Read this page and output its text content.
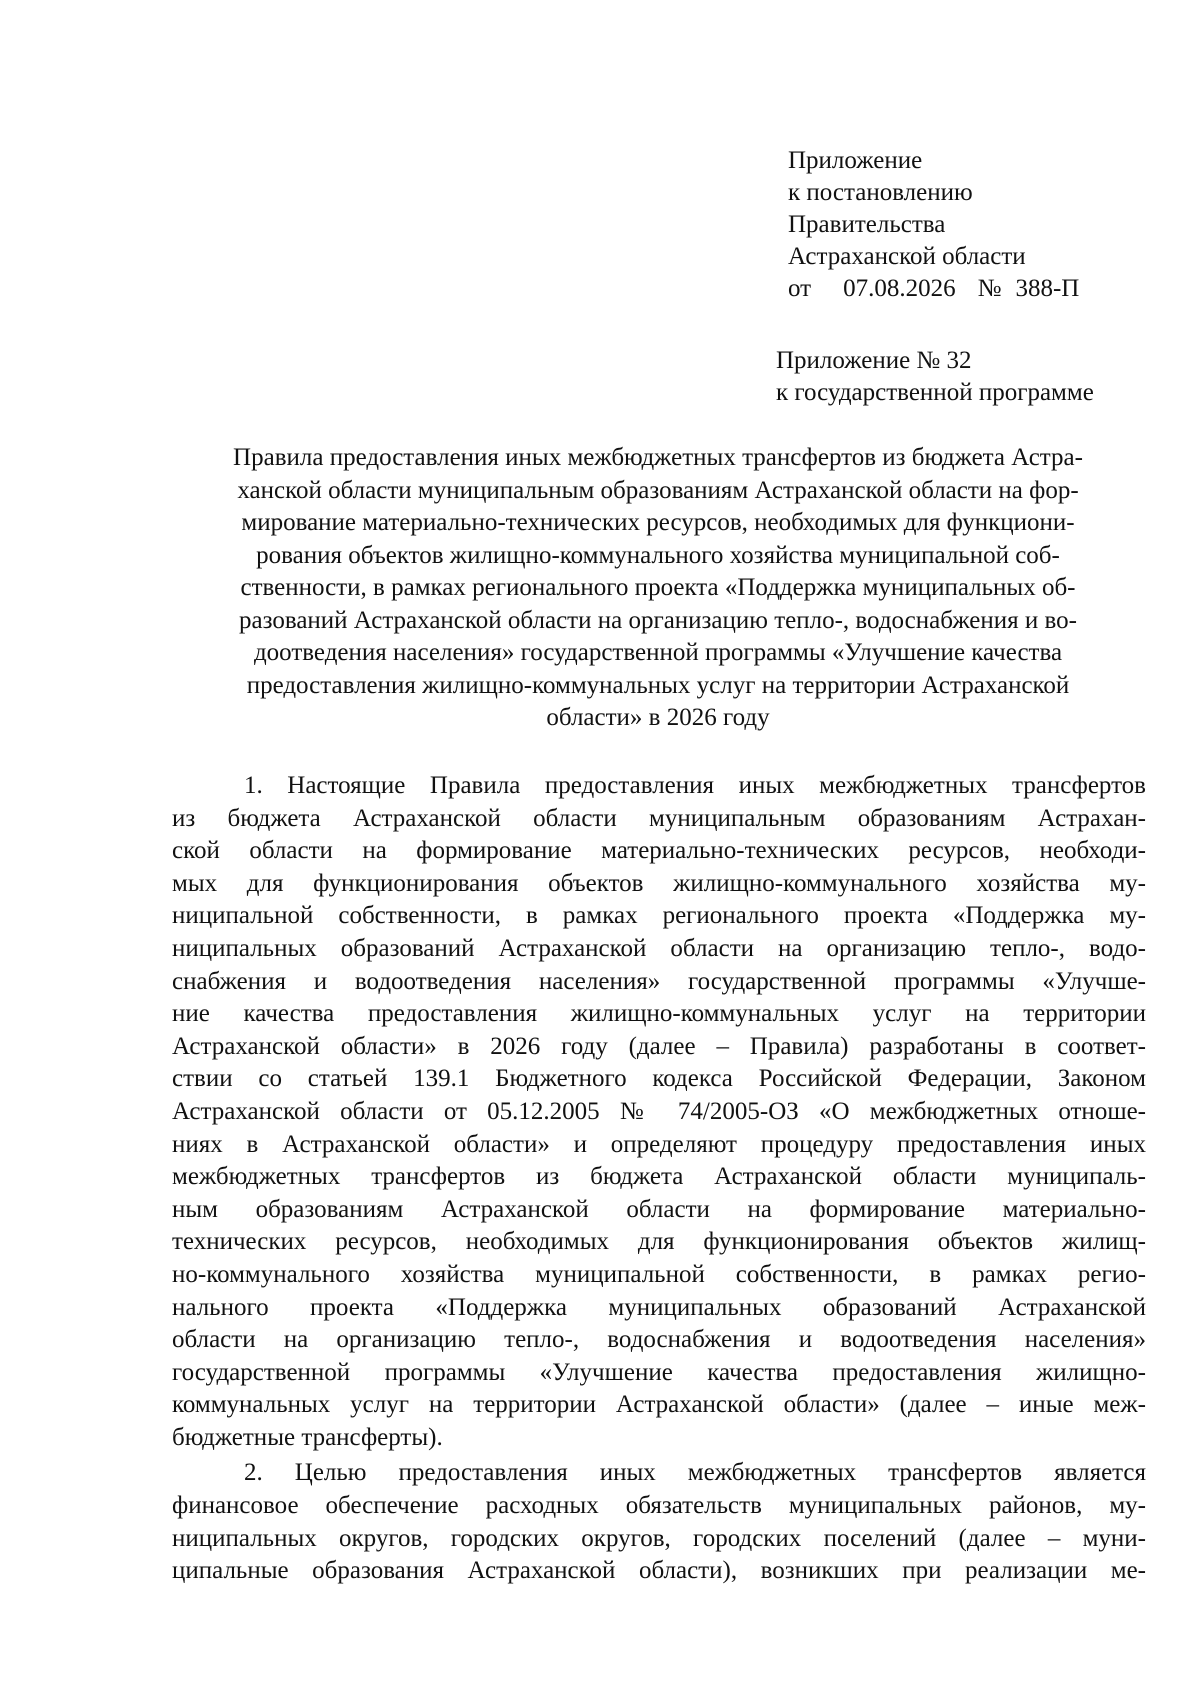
Приложение
к постановлению
Правительства
Астраханской области
от 07.08.2026 № 388-П
Приложение № 32
к государственной программе
Правила предоставления иных межбюджетных трансфертов из бюджета Астра-
ханской области муниципальным образованиям Астраханской области на фор-
мирование материально-технических ресурсов, необходимых для функциони-
рования объектов жилищно-коммунального хозяйства муниципальной соб-
ственности, в рамках регионального проекта «Поддержка муниципальных об-
разований Астраханской области на организацию тепло-, водоснабжения и во-
доотведения населения» государственной программы «Улучшение качества
предоставления жилищно-коммунальных услуг на территории Астраханской
области» в 2026 году
1. Настоящие Правила предоставления иных межбюджетных трансфертов
из бюджета Астраханской области муниципальным образованиям Астрахан-
ской области на формирование материально-технических ресурсов, необходи-
мых для функционирования объектов жилищно-коммунального хозяйства му-
ниципальной собственности, в рамках регионального проекта «Поддержка му-
ниципальных образований Астраханской области на организацию тепло-, водо-
снабжения и водоотведения населения» государственной программы «Улучше-
ние качества предоставления жилищно-коммунальных услуг на территории
Астраханской области» в 2026 году (далее – Правила) разработаны в соответ-
ствии со статьей 139.1 Бюджетного кодекса Российской Федерации, Законом
Астраханской области от 05.12.2005 № 74/2005-ОЗ «О межбюджетных отноше-
ниях в Астраханской области» и определяют процедуру предоставления иных
межбюджетных трансфертов из бюджета Астраханской области муниципаль-
ным образованиям Астраханской области на формирование материально-
технических ресурсов, необходимых для функционирования объектов жилищ-
но-коммунального хозяйства муниципальной собственности, в рамках регио-
нального проекта «Поддержка муниципальных образований Астраханской
области на организацию тепло-, водоснабжения и водоотведения населения»
государственной программы «Улучшение качества предоставления жилищно-
коммунальных услуг на территории Астраханской области» (далее – иные меж-
бюджетные трансферты).
2. Целью предоставления иных межбюджетных трансфертов является
финансовое обеспечение расходных обязательств муниципальных районов, му-
ниципальных округов, городских округов, городских поселений (далее – муни-
ципальные образования Астраханской области), возникших при реализации ме-
